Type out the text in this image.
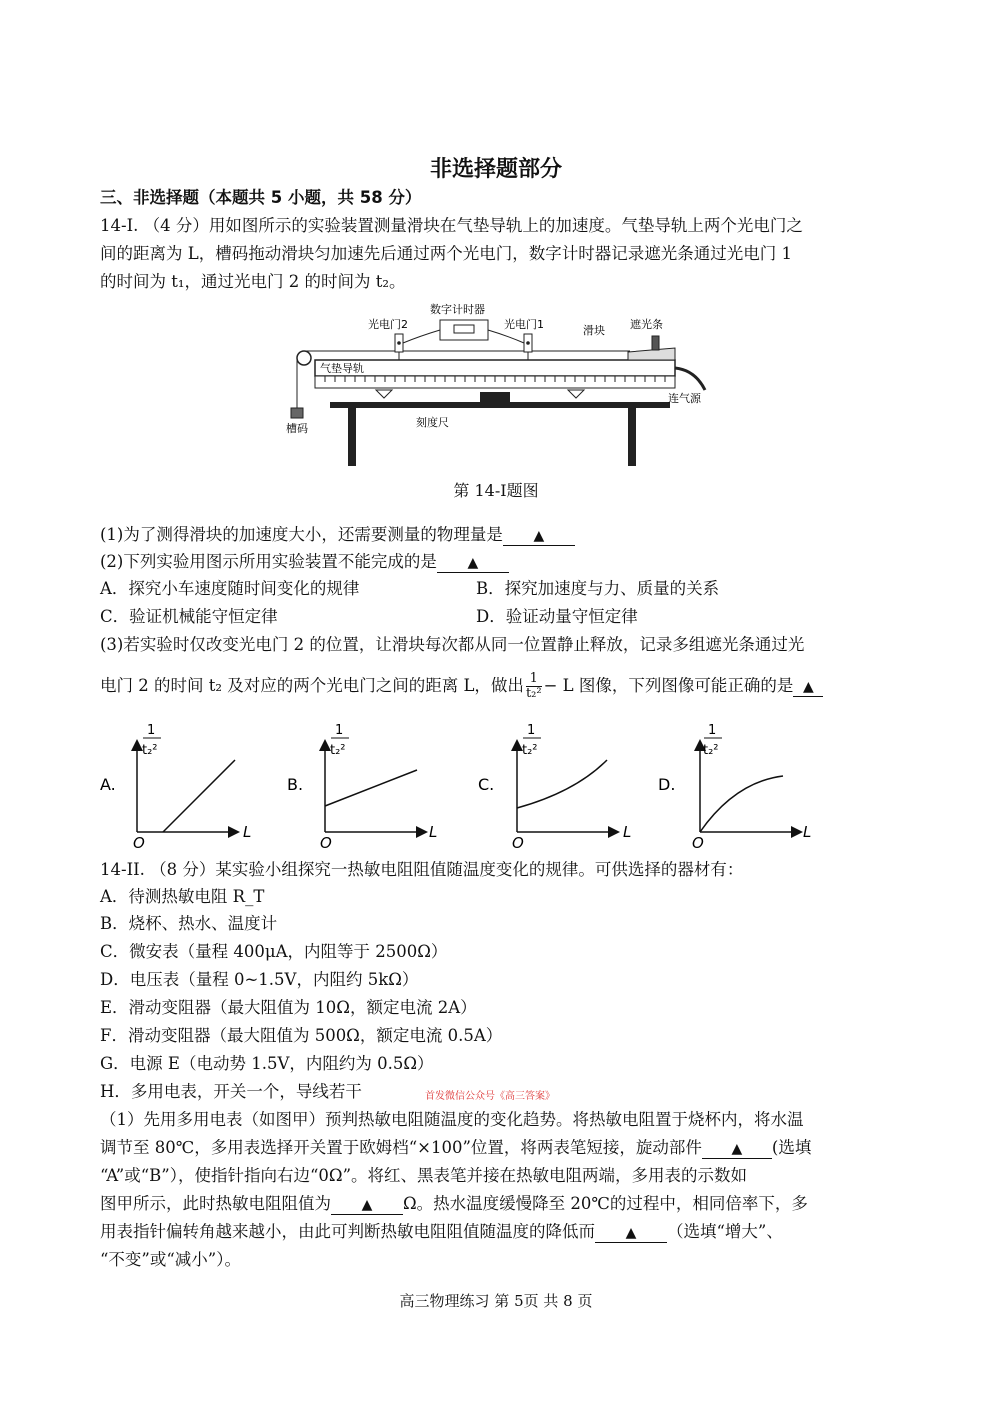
非选择题部分
三、非选择题（本题共 5 小题，共 58 分）
14-I. （4 分）用如图所示的实验装置测量滑块在气垫导轨上的加速度。气垫导轨上两个光电门之
间的距离为 L，槽码拖动滑块匀加速先后通过两个光电门，数字计时器记录遮光条通过光电门 1
的时间为 t₁，通过光电门 2 的时间为 t₂。
数字计时器
光电门2	光电门1	滑块 遮光条
气垫导轨
连气源
槽码	刻度尺
第 14-I题图
(1)为了测得滑块的加速度大小，还需要测量的物理量是 ▲
(2)下列实验用图示所用实验装置不能完成的是 ▲
A．探究小车速度随时间变化的规律	B．探究加速度与力、质量的关系
C．验证机械能守恒定律	D．验证动量守恒定律
(3)若实验时仅改变光电门 2 的位置，让滑块每次都从同一位置静止释放，记录多组遮光条通过光
电门 2 的时间 t₂ 及对应的两个光电门之间的距离 L，做出 $\frac{1}{\text{t₂²}} - L$ 图像，下列图像可能正确的是 ▲
A.
1
t₂²
L
O
B.
1
t₂²
L
O
C.
1
t₂²
L
O
D.
1
t₂²
L
O
14-II. （8 分）某实验小组探究一热敏电阻阻值随温度变化的规律。可供选择的器材有：
A．待测热敏电阻 R_T
B．烧杯、热水、温度计
C．微安表（量程 400μA，内阻等于 2500Ω）
D．电压表（量程 0~1.5V，内阻约 5kΩ）
E．滑动变阻器（最大阻值为 10Ω，额定电流 2A）
F．滑动变阻器（最大阻值为 500Ω，额定电流 0.5A）
G．电源 E（电动势 1.5V，内阻约为 0.5Ω）
H．多用电表，开关一个，导线若干	首发微信公众号《高三答案》
（1）先用多用电表（如图甲）预判热敏电阻随温度的变化趋势。将热敏电阻置于烧杯内，将水温
调节至 80℃，多用表选择开关置于欧姆档“×100”位置，将两表笔短接，旋动部件 ▲ (选填
“A”或“B”），使指针指向右边“0Ω”。将红、黑表笔并接在热敏电阻两端，多用表的示数如
图甲所示，此时热敏电阻阻值为 ▲ Ω。热水温度缓慢降至 20℃的过程中，相同倍率下，多
用表指针偏转角越来越小，由此可判断热敏电阻阻值随温度的降低而 ▲ （选填“增大”、
“不变”或“减小”）。
高三物理练习 第 5页 共 8 页
